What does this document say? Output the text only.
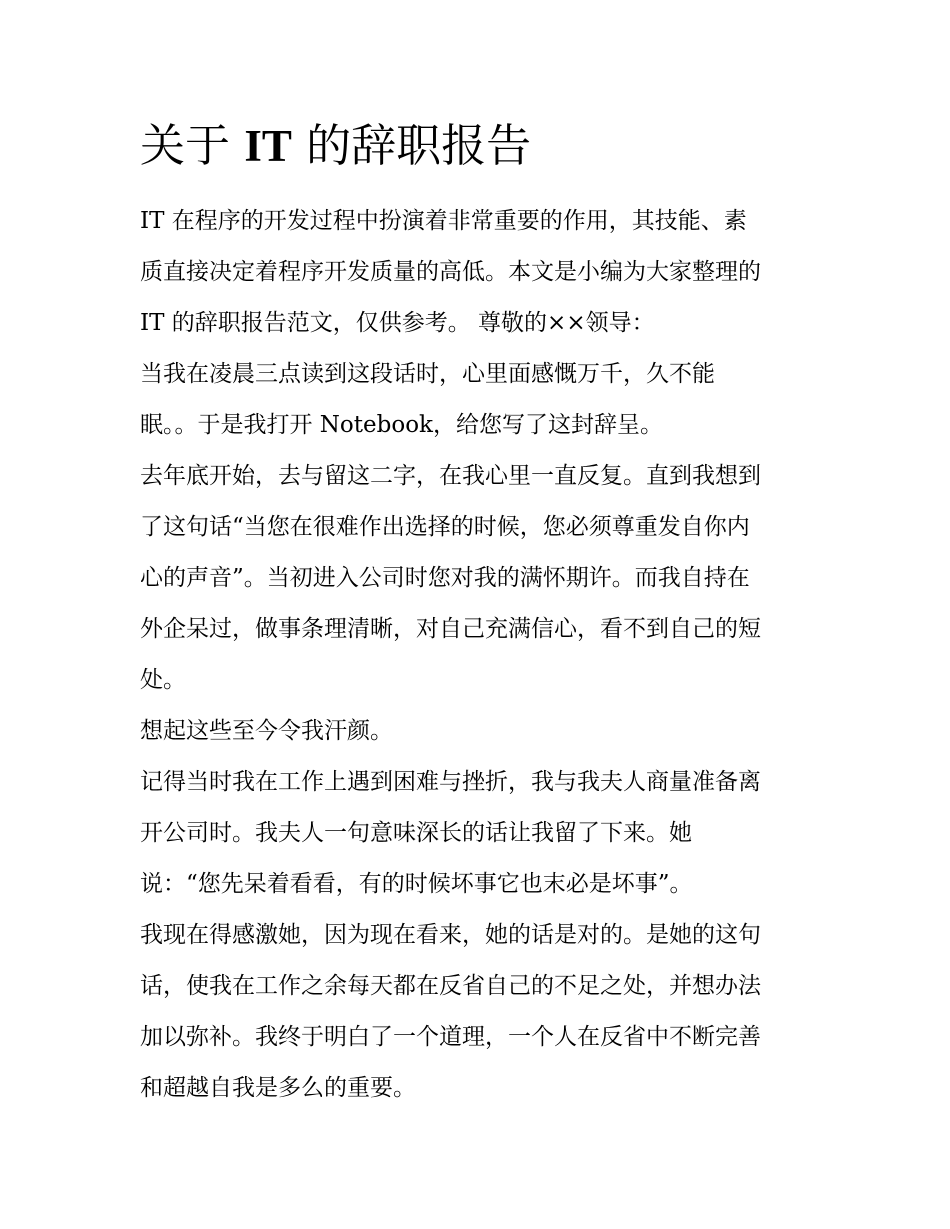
关于 IT 的辞职报告

IT 在程序的开发过程中扮演着非常重要的作用，其技能、素

质直接决定着程序开发质量的高低。本文是小编为大家整理的

IT 的辞职报告范文，仅供参考。 尊敬的××领导：

当我在凌晨三点读到这段话时，心里面感慨万千，久不能

眠。。于是我打开 Notebook，给您写了这封辞呈。

去年底开始，去与留这二字，在我心里一直反复。直到我想到

了这句话“当您在很难作出选择的时候，您必须尊重发自你内

心的声音”。当初进入公司时您对我的满怀期许。而我自持在

外企呆过，做事条理清晰，对自己充满信心，看不到自己的短

处。

想起这些至今令我汗颜。

记得当时我在工作上遇到困难与挫折，我与我夫人商量准备离

开公司时。我夫人一句意味深长的话让我留了下来。她

说：“您先呆着看看，有的时候坏事它也末必是坏事”。

我现在得感激她，因为现在看来，她的话是对的。是她的这句

话，使我在工作之余每天都在反省自己的不足之处，并想办法

加以弥补。我终于明白了一个道理，一个人在反省中不断完善

和超越自我是多么的重要。
